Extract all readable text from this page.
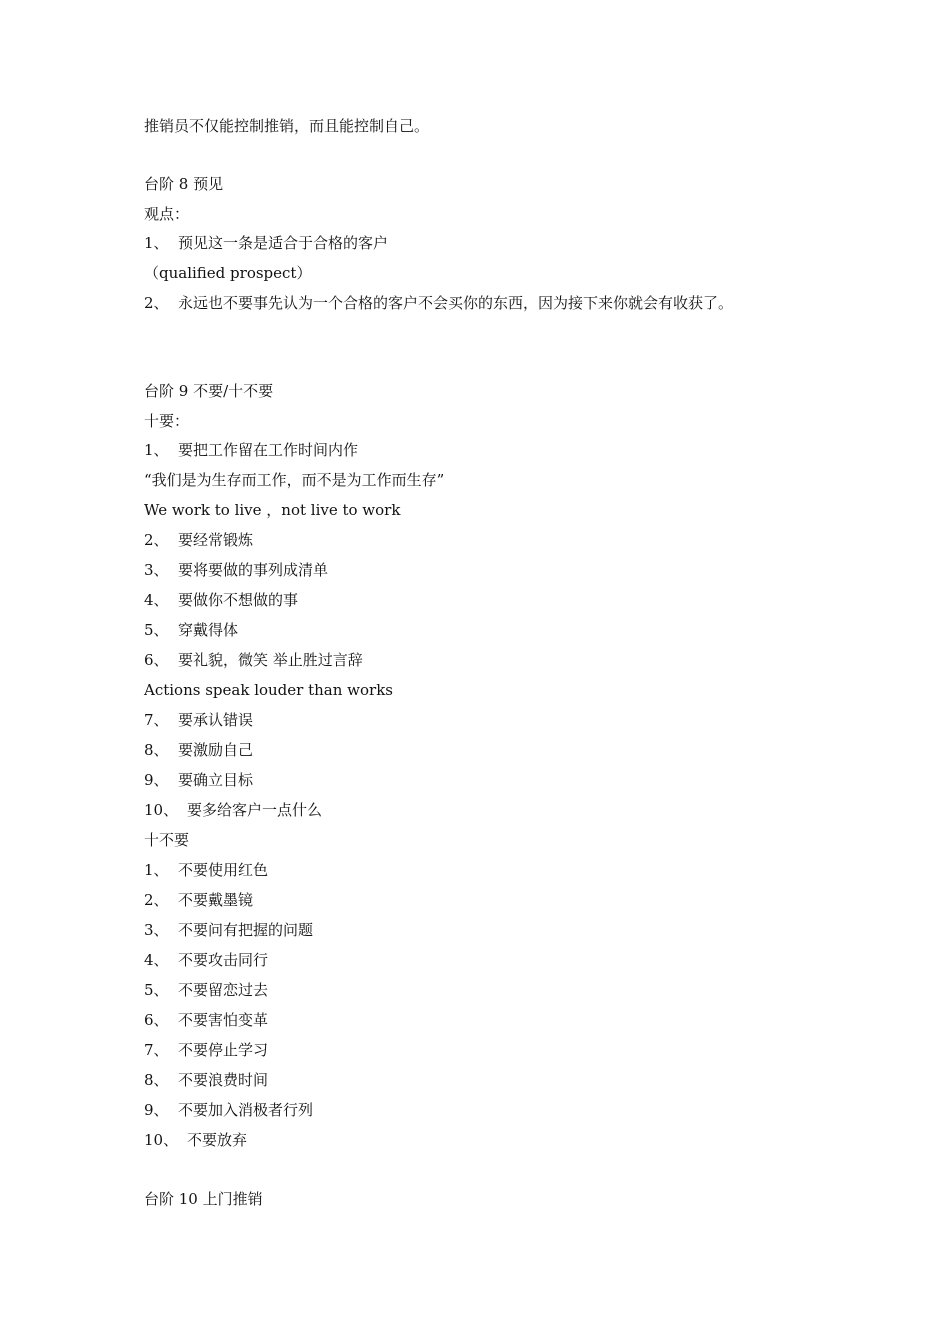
推销员不仅能控制推销，而且能控制自己。
台阶 8 预见
观点：
1、 预见这一条是适合于合格的客户
（qualified prospect）
2、 永远也不要事先认为一个合格的客户不会买你的东西，因为接下来你就会有收获了。
台阶 9 不要/十不要
十要：
1、 要把工作留在工作时间内作
“我们是为生存而工作，而不是为工作而生存”
We work to live ，not live to work
2、 要经常锻炼
3、 要将要做的事列成清单
4、 要做你不想做的事
5、 穿戴得体
6、 要礼貌，微笑 举止胜过言辞
Actions speak louder than works
7、 要承认错误
8、 要激励自己
9、 要确立目标
10、 要多给客户一点什么
十不要
1、 不要使用红色
2、 不要戴墨镜
3、 不要问有把握的问题
4、 不要攻击同行
5、 不要留恋过去
6、 不要害怕变革
7、 不要停止学习
8、 不要浪费时间
9、 不要加入消极者行列
10、 不要放弃
台阶 10 上门推销
